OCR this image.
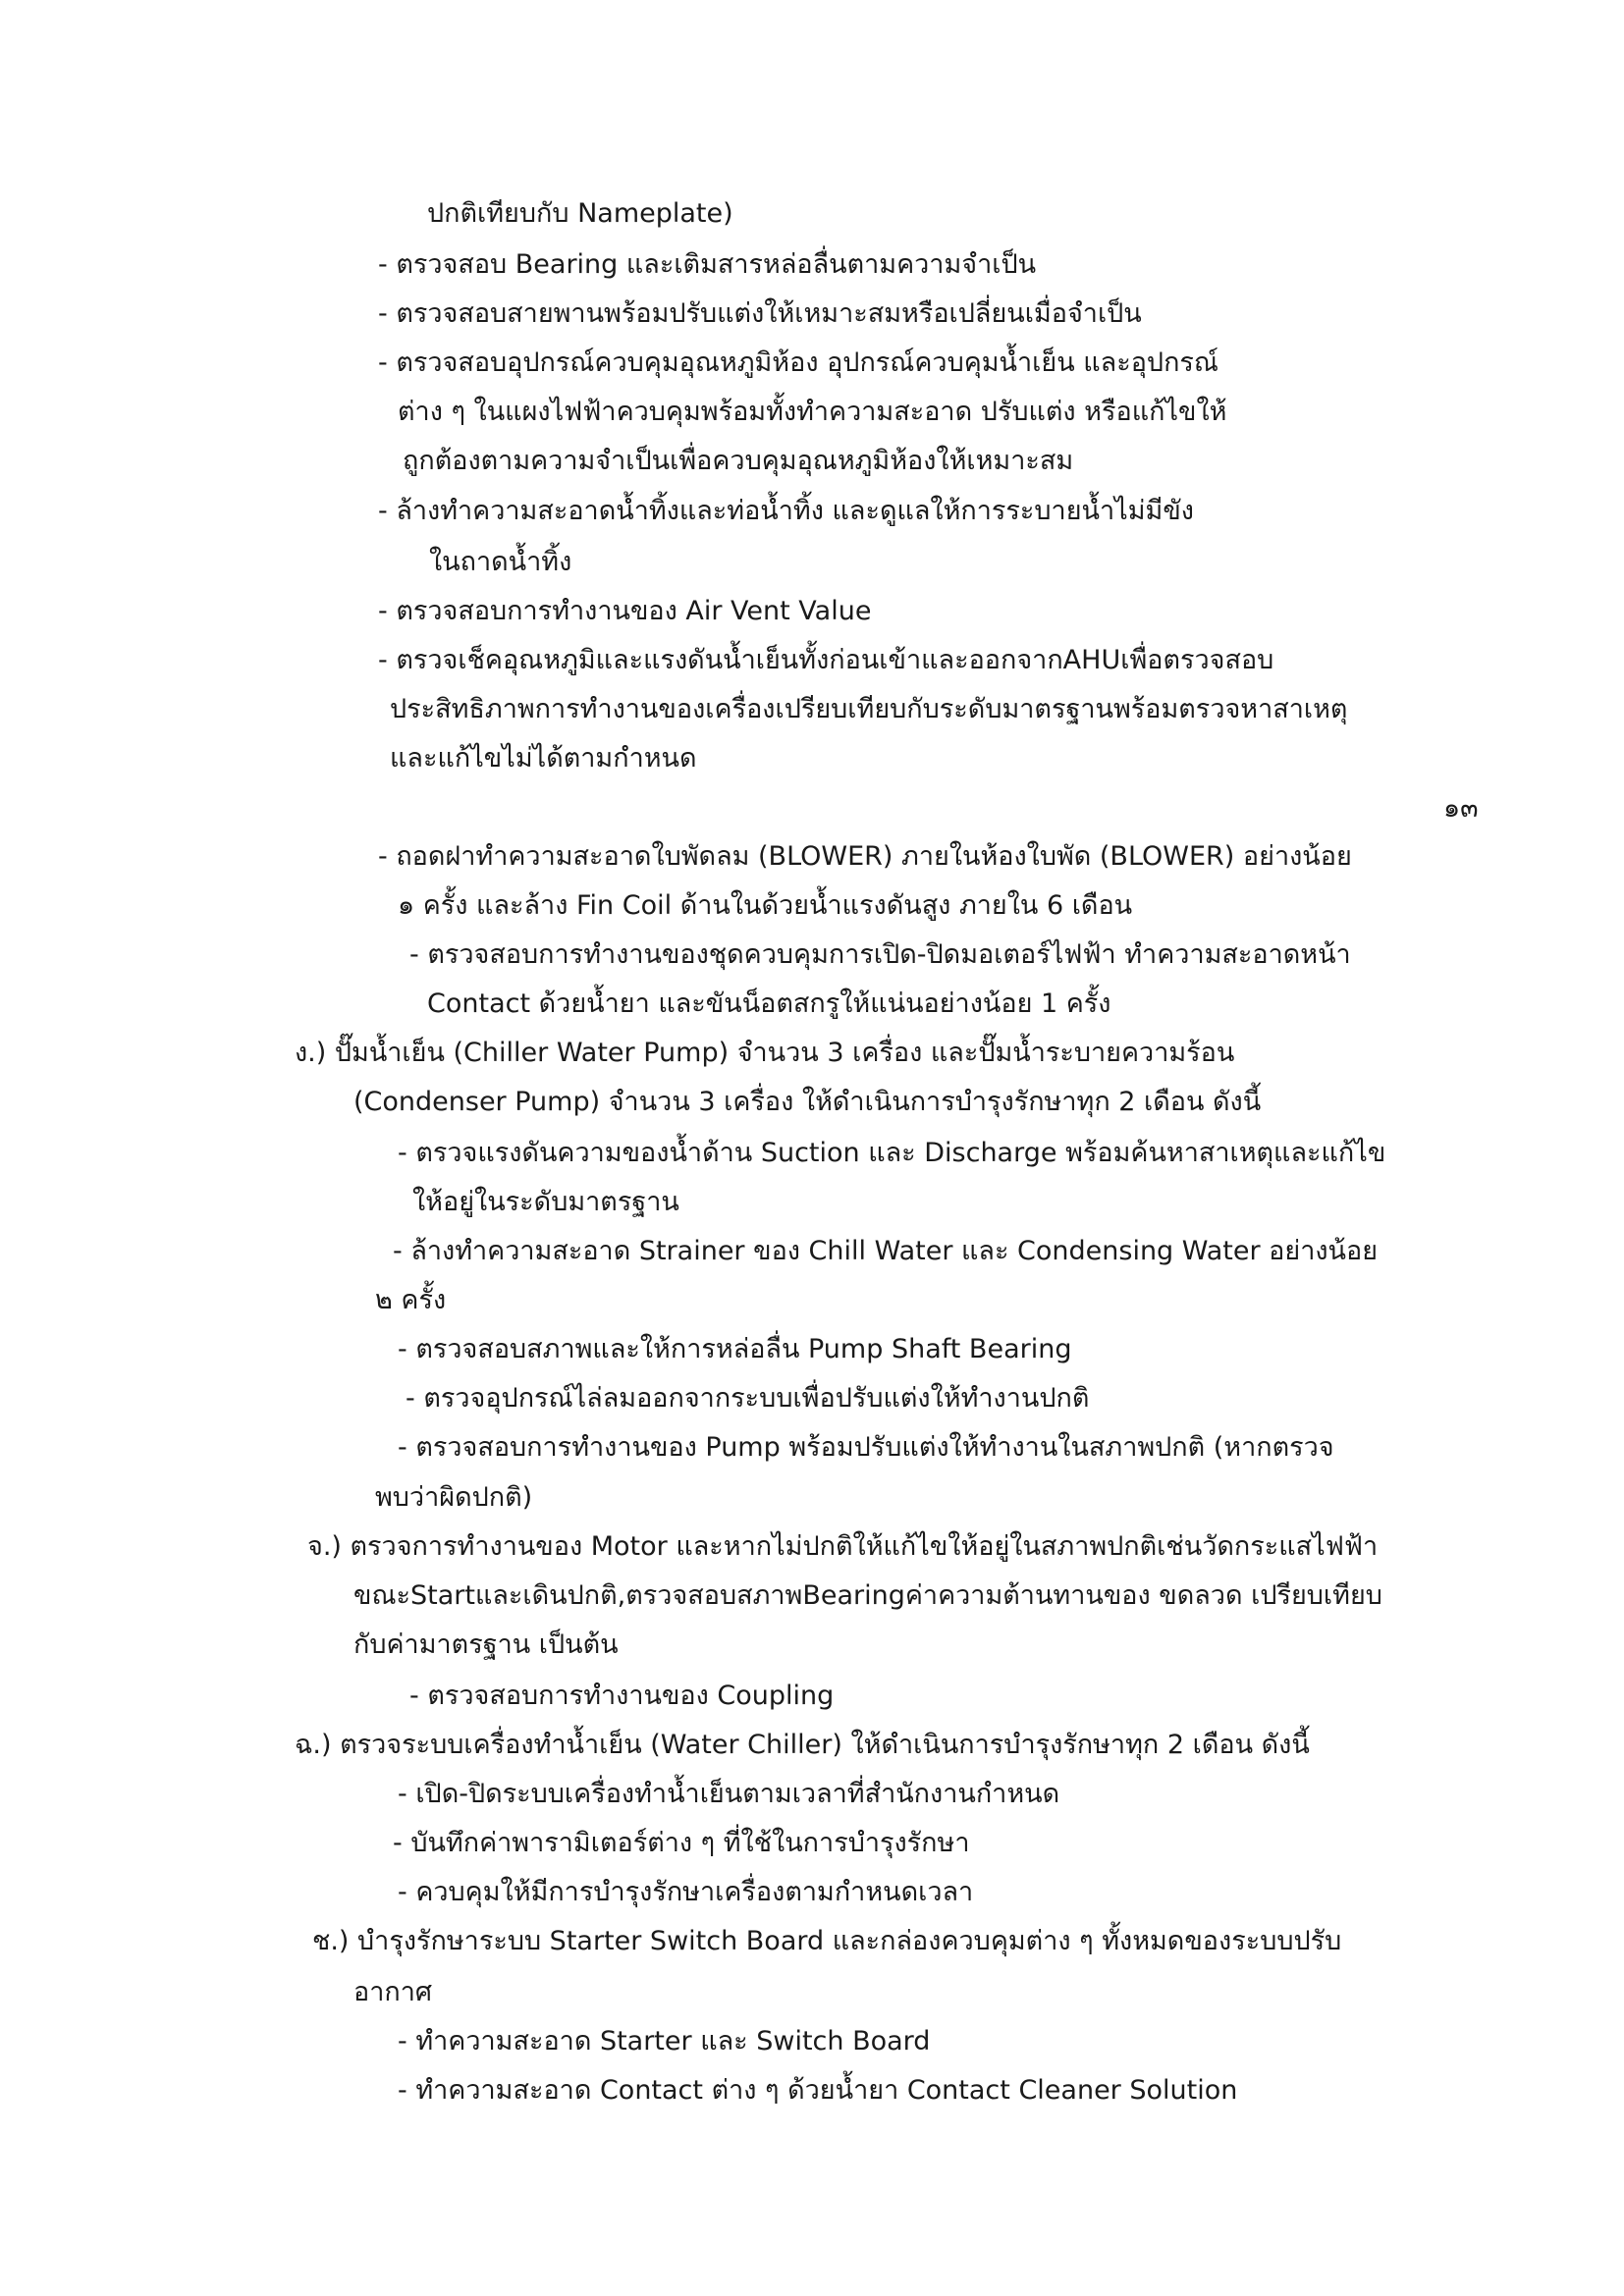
ปกติเทียบกับ Nameplate)
- ตรวจสอบ Bearing และเติมสารหล่อลื่นตามความจำเป็น
- ตรวจสอบสายพานพร้อมปรับแต่งให้เหมาะสมหรือเปลี่ยนเมื่อจำเป็น
- ตรวจสอบอุปกรณ์ควบคุมอุณหภูมิห้อง อุปกรณ์ควบคุมน้ำเย็น และอุปกรณ์
ต่าง ๆ ในแผงไฟฟ้าควบคุมพร้อมทั้งทำความสะอาด ปรับแต่ง หรือแก้ไขให้
ถูกต้องตามความจำเป็นเพื่อควบคุมอุณหภูมิห้องให้เหมาะสม
- ล้างทำความสะอาดน้ำทิ้งและท่อน้ำทิ้ง และดูแลให้การระบายน้ำไม่มีขัง
ในถาดน้ำทิ้ง
- ตรวจสอบการทำงานของ Air Vent Value
- ตรวจเช็คอุณหภูมิและแรงดันน้ำเย็นทั้งก่อนเข้าและออกจากAHUเพื่อตรวจสอบ
ประสิทธิภาพการทำงานของเครื่องเปรียบเทียบกับระดับมาตรฐานพร้อมตรวจหาสาเหตุ
และแก้ไขไม่ได้ตามกำหนด
๑๓
- ถอดฝาทำความสะอาดใบพัดลม (BLOWER) ภายในห้องใบพัด (BLOWER) อย่างน้อย
๑ ครั้ง และล้าง Fin Coil ด้านในด้วยน้ำแรงดันสูง ภายใน 6 เดือน
- ตรวจสอบการทำงานของชุดควบคุมการเปิด-ปิดมอเตอร์ไฟฟ้า ทำความสะอาดหน้า
Contact ด้วยน้ำยา และขันน็อตสกรูให้แน่นอย่างน้อย 1 ครั้ง
ง.) ปั๊มน้ำเย็น (Chiller Water Pump) จำนวน 3 เครื่อง และปั๊มน้ำระบายความร้อน
(Condenser Pump) จำนวน 3 เครื่อง ให้ดำเนินการบำรุงรักษาทุก 2 เดือน ดังนี้
- ตรวจแรงดันความของน้ำด้าน Suction และ Discharge พร้อมค้นหาสาเหตุและแก้ไข
ให้อยู่ในระดับมาตรฐาน
- ล้างทำความสะอาด Strainer ของ Chill Water และ Condensing Water อย่างน้อย
๒ ครั้ง
- ตรวจสอบสภาพและให้การหล่อลื่น Pump Shaft Bearing
- ตรวจอุปกรณ์ไล่ลมออกจากระบบเพื่อปรับแต่งให้ทำงานปกติ
- ตรวจสอบการทำงานของ Pump พร้อมปรับแต่งให้ทำงานในสภาพปกติ (หากตรวจ
พบว่าผิดปกติ)
จ.) ตรวจการทำงานของ Motor และหากไม่ปกติให้แก้ไขให้อยู่ในสภาพปกติเช่นวัดกระแสไฟฟ้า
ขณะStartและเดินปกติ,ตรวจสอบสภาพBearingค่าความต้านทานของ ขดลวด เปรียบเทียบ
กับค่ามาตรฐาน เป็นต้น
- ตรวจสอบการทำงานของ Coupling
ฉ.) ตรวจระบบเครื่องทำน้ำเย็น (Water Chiller) ให้ดำเนินการบำรุงรักษาทุก 2 เดือน ดังนี้
- เปิด-ปิดระบบเครื่องทำน้ำเย็นตามเวลาที่สำนักงานกำหนด
- บันทึกค่าพารามิเตอร์ต่าง ๆ ที่ใช้ในการบำรุงรักษา
- ควบคุมให้มีการบำรุงรักษาเครื่องตามกำหนดเวลา
ช.) บำรุงรักษาระบบ Starter Switch Board และกล่องควบคุมต่าง ๆ ทั้งหมดของระบบปรับ
อากาศ
- ทำความสะอาด Starter และ Switch Board
- ทำความสะอาด Contact ต่าง ๆ ด้วยน้ำยา Contact Cleaner Solution
